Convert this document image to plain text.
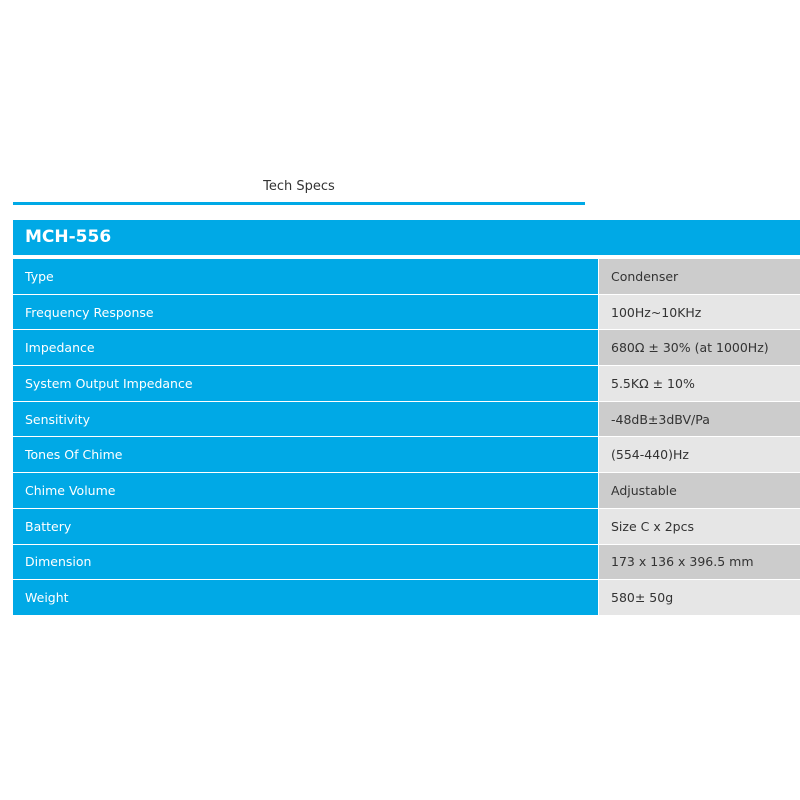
Tech Specs
MCH-556
Type	Condenser
Frequency Response	100Hz~10KHz
Impedance	680Ω ± 30% (at 1000Hz)
System Output Impedance	5.5KΩ ± 10%
Sensitivity	-48dB±3dBV/Pa
Tones Of Chime	(554-440)Hz
Chime Volume	Adjustable
Battery	Size C x 2pcs
Dimension	173 x 136 x 396.5 mm
Weight	580± 50g
